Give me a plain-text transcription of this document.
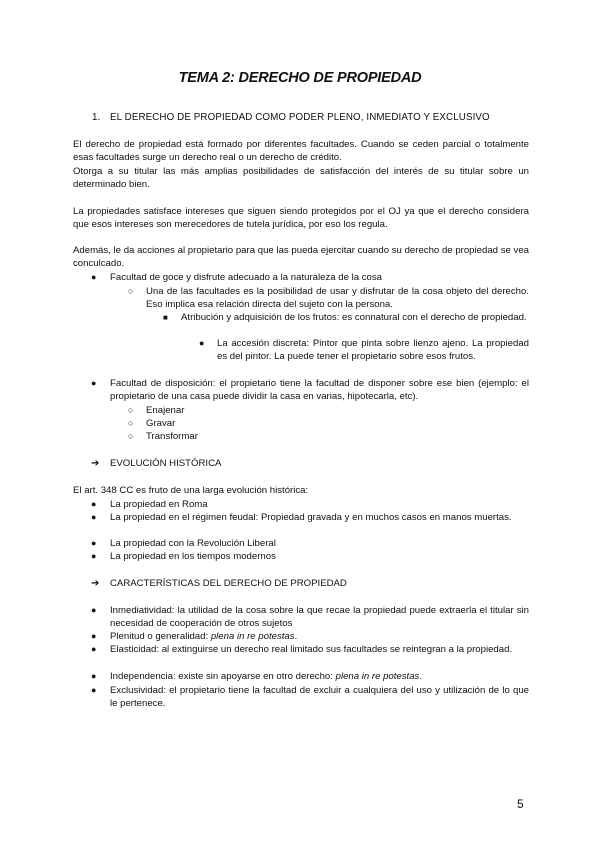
TEMA 2: DERECHO DE PROPIEDAD
1. EL DERECHO DE PROPIEDAD COMO PODER PLENO, INMEDIATO Y EXCLUSIVO
El derecho de propiedad está formado por diferentes facultades. Cuando se ceden parcial o totalmente esas facultades surge un derecho real o un derecho de crédito.
Otorga a su titular las más amplias posibilidades de satisfacción del interés de su titular sobre un determinado bien.
La propiedades satisface intereses que siguen siendo protegidos por el OJ ya que el derecho considera que esos intereses son merecedores de tutela jurídica, por eso los regula.
Además, le da acciones al propietario para que las pueda ejercitar cuando su derecho de propiedad se vea conculcado.
● Facultad de goce y disfrute adecuado a la naturaleza de la cosa
○ Una de las facultades es la posibilidad de usar y disfrutar de la cosa objeto del derecho. Eso implica esa relación directa del sujeto con la persona.
■ Atribución y adquisición de los frutos: es connatural con el derecho de propiedad.
● La accesión discreta: Pintor que pinta sobre lienzo ajeno. La propiedad es del pintor. La puede tener el propietario sobre esos frutos.
● Facultad de disposición: el propietario tiene la facultad de disponer sobre ese bien (ejemplo: el propietario de una casa puede dividir la casa en varias, hipotecarla, etc).
○ Enajenar
○ Gravar
○ Transformar
➔ EVOLUCIÓN HISTÓRICA
El art. 348 CC es fruto de una larga evolución histórica:
● La propiedad en Roma
● La propiedad en el régimen feudal: Propiedad gravada y en muchos casos en manos muertas.
● La propiedad con la Revolución Liberal
● La propiedad en los tiempos modernos
➔ CARACTERÍSTICAS DEL DERECHO DE PROPIEDAD
● Inmediatividad: la utilidad de la cosa sobre la que recae la propiedad puede extraerla el titular sin necesidad de cooperación de otros sujetos
● Plenitud o generalidad: plena in re potestas.
● Elasticidad: al extinguirse un derecho real limitado sus facultades se reintegran a la propiedad.
● Independencia: existe sin apoyarse en otro derecho: plena in re potestas.
● Exclusividad: el propietario tiene la facultad de excluir a cualquiera del uso y utilización de lo que le pertenece.
5
